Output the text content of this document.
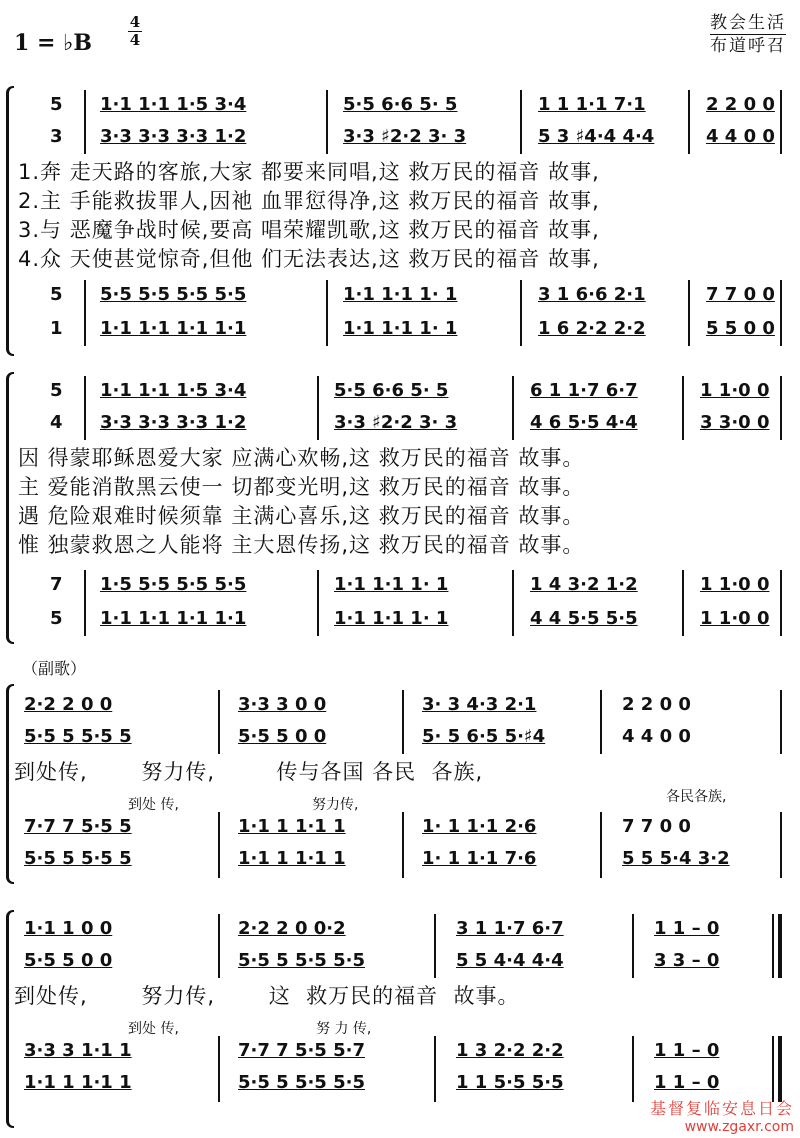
1 = ♭B
4
4
教会生活
布道呼召
5 1·1 1·1 1·5 3·4	5·5 6·6 5· 5	1 1 1·1 7·1	2 2 0 0
3 3·3 3·3 3·3 1·2	3·3 ♯2·2 3· 3	5 3 ♯4·4 4·4	4 4 0 0
1.奔 走天路的客旅,大家 都要来同唱,这 救万民的福音 故事,
2.主 手能救拔罪人,因祂 血罪愆得净,这 救万民的福音 故事,
3.与 恶魔争战时候,要高 唱荣耀凯歌,这 救万民的福音 故事,
4.众 天使甚觉惊奇,但他 们无法表达,这 救万民的福音 故事,
5 5·5 5·5 5·5 5·5	1·1 1·1 1· 1	3 1 6·6 2·1	7 7 0 0
1 1·1 1·1 1·1 1·1	1·1 1·1 1· 1	1 6 2·2 2·2	5 5 0 0
5 1·1 1·1 1·5 3·4	5·5 6·6 5· 5	6 1 1·7 6·7	1 1·0 0
4 3·3 3·3 3·3 1·2	3·3 ♯2·2 3· 3	4 6 5·5 4·4	3 3·0 0
因 得蒙耶稣恩爱大家 应满心欢畅,这 救万民的福音 故事。
主 爱能消散黑云使一 切都变光明,这 救万民的福音 故事。
遇 危险艰难时候须靠 主满心喜乐,这 救万民的福音 故事。
惟 独蒙救恩之人能将 主大恩传扬,这 救万民的福音 故事。
7 1·5 5·5 5·5 5·5	1·1 1·1 1· 1	1 4 3·2 1·2	1 1·0 0
5 1·1 1·1 1·1 1·1	1·1 1·1 1· 1	4 4 5·5 5·5	1 1·0 0
（副歌）
2·2 2 0 0	3·3 3 0 0	3· 3 4·3 2·1	2 2 0 0
5·5 5 5·5 5	5·5 5 0 0	5· 5 6·5 5·♯4	4 4 0 0
到处传,       努力传,        传与各国 各民  各族,
到处 传,	努力传,	各民各族,
7·7 7 5·5 5	1·1 1 1·1 1	1· 1 1·1 2·6	7 7 0 0
5·5 5 5·5 5	1·1 1 1·1 1	1· 1 1·1 7·6	5 5 5·4 3·2
1·1 1 0 0	2·2 2 0 0·2	3 1 1·7 6·7	1 1 – 0
5·5 5 0 0	5·5 5 5·5 5·5	5 5 4·4 4·4	3 3 – 0
到处传,       努力传,       这  救万民的福音  故事。
到处 传,	努 力 传,
3·3 3 1·1 1	7·7 7 5·5 5·7	1 3 2·2 2·2	1 1 – 0
1·1 1 1·1 1	5·5 5 5·5 5·5	1 1 5·5 5·5	1 1 – 0
基督复临安息日会
www.zgaxr.com
